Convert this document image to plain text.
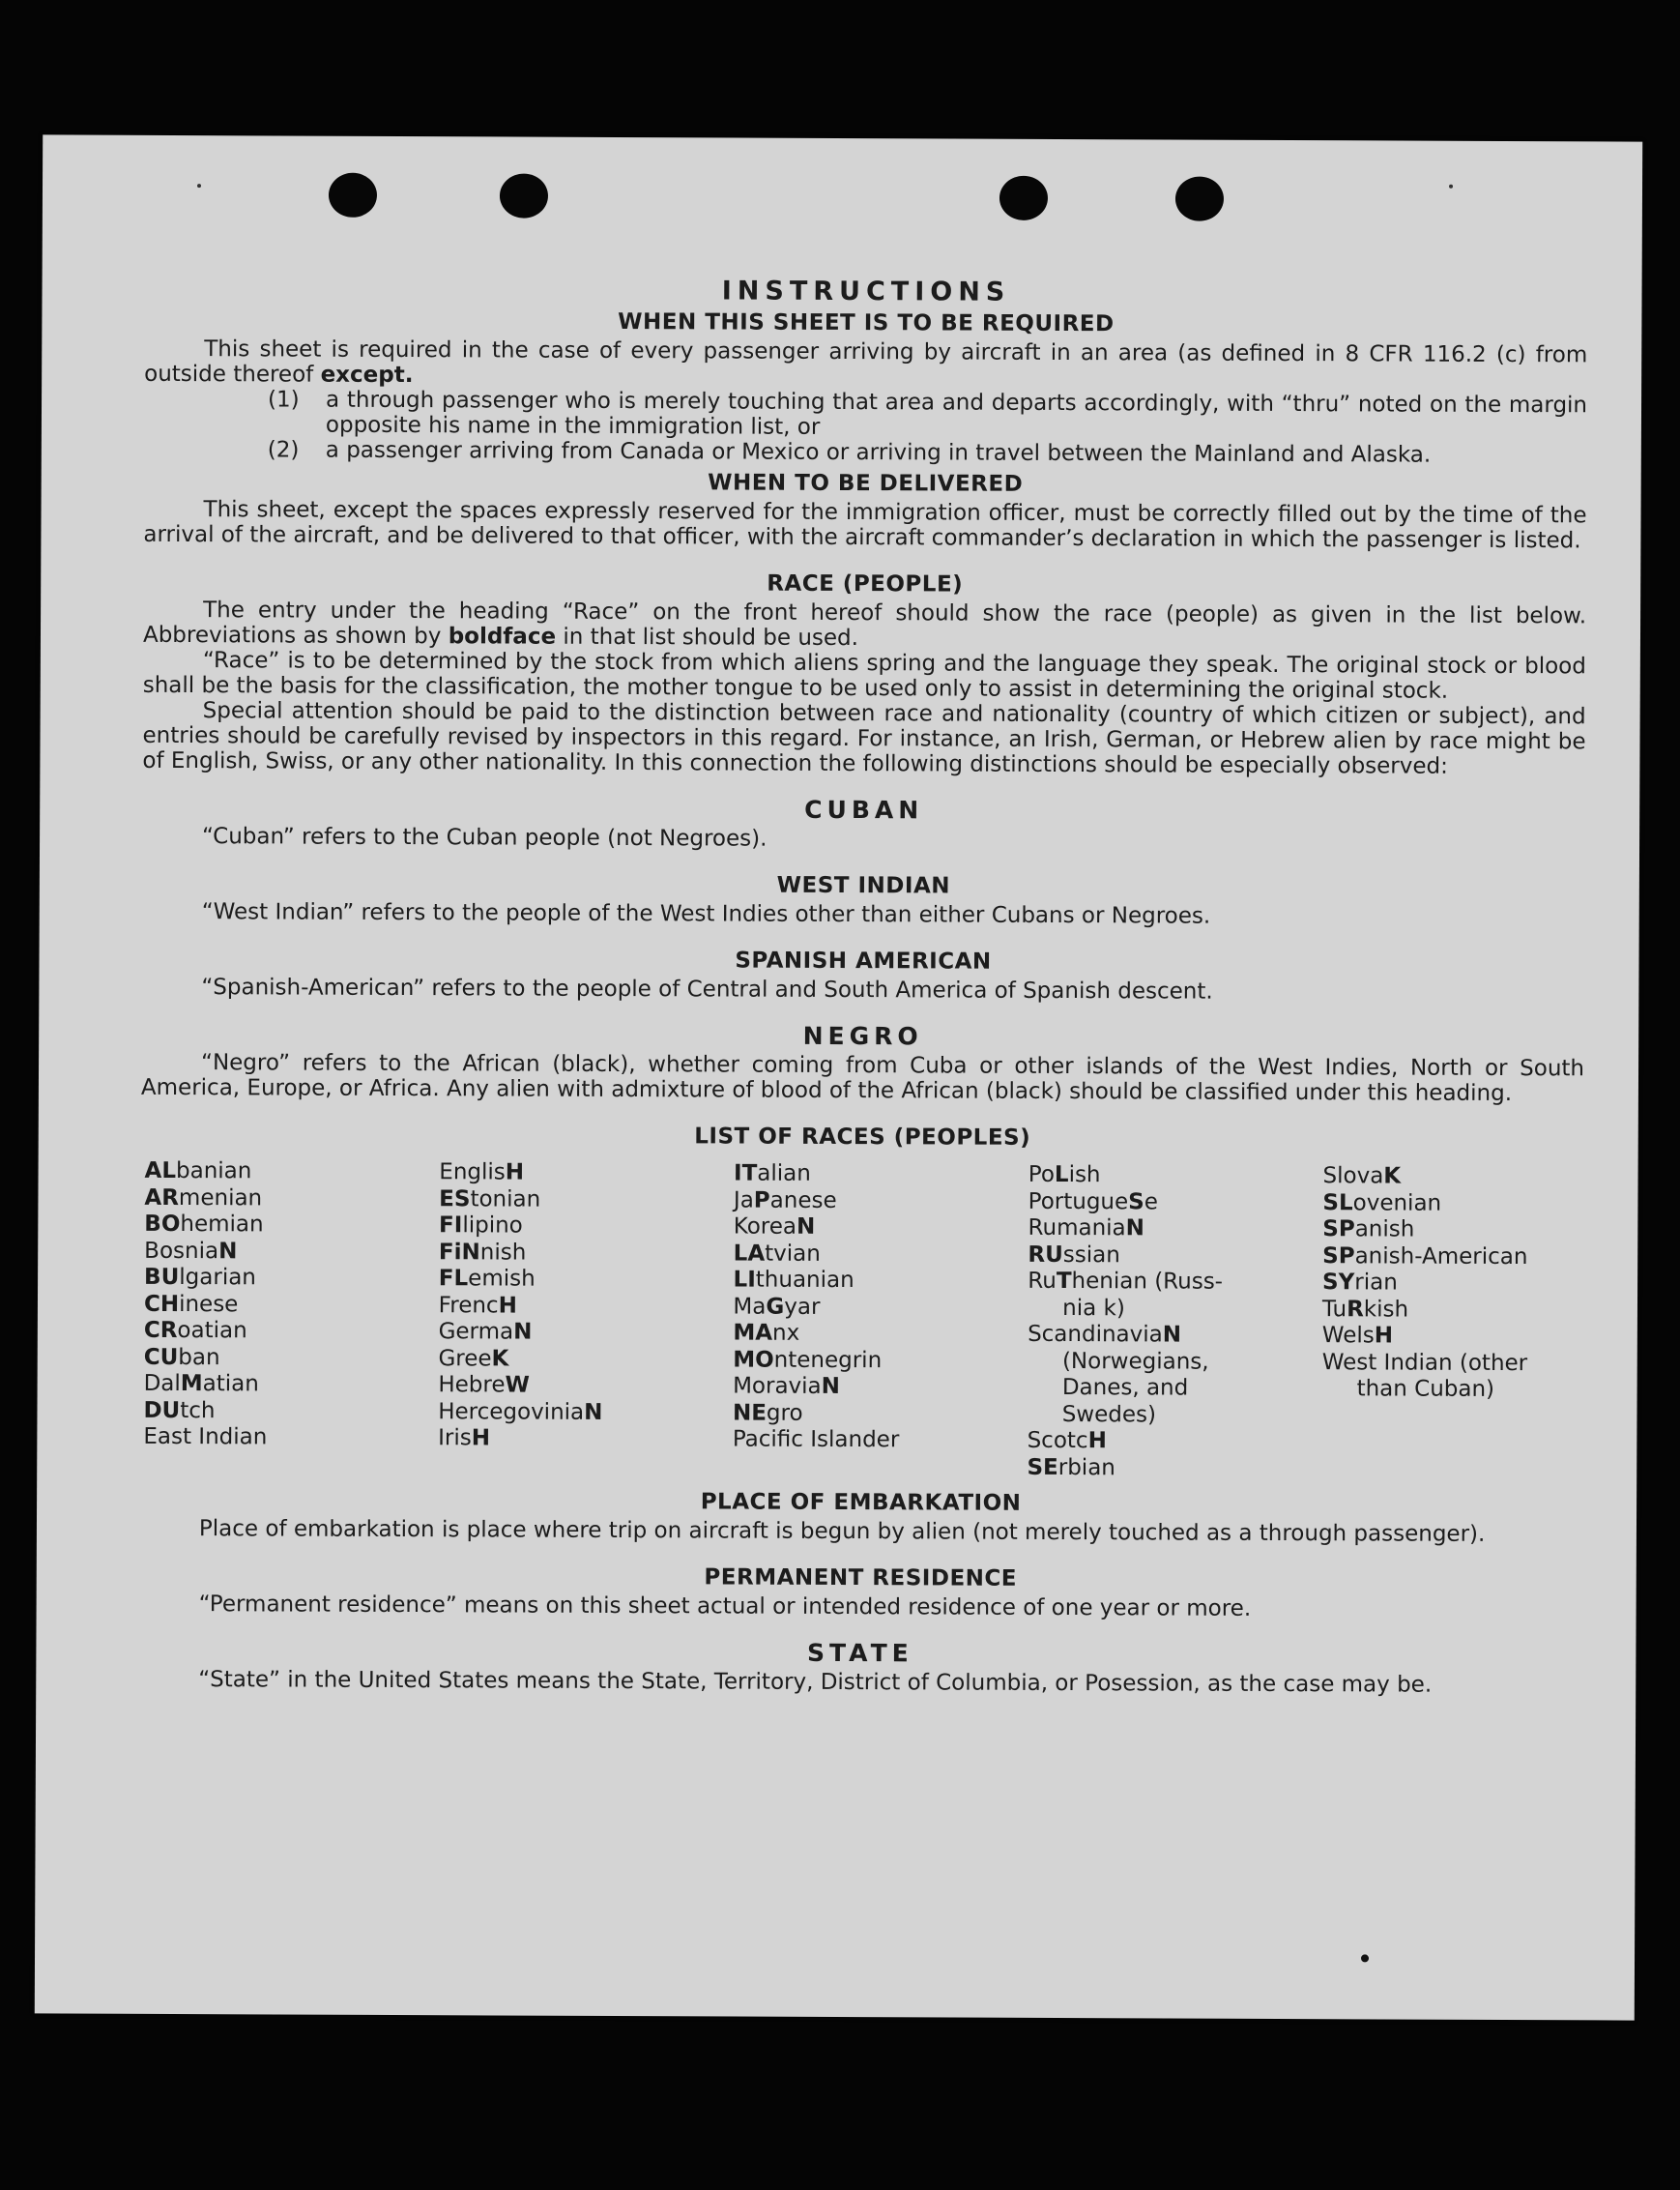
INSTRUCTIONS
WHEN THIS SHEET IS TO BE REQUIRED

This sheet is required in the case of every passenger arriving by aircraft in an area (as defined in 8 CFR 116.2 (c) from outside thereof except.

(1)	a through passenger who is merely touching that area and departs accordingly, with “thru” noted on the margin opposite his name in the immigration list, or
(2)	a passenger arriving from Canada or Mexico or arriving in travel between the Mainland and Alaska.
WHEN TO BE DELIVERED

This sheet, except the spaces expressly reserved for the immigration officer, must be correctly filled out by the time of the arrival of the aircraft, and be delivered to that officer, with the aircraft commander’s declaration in which the passenger is listed.

RACE (PEOPLE)

The entry under the heading “Race” on the front hereof should show the race (people) as given in the list below. Abbreviations as shown by boldface in that list should be used.

“Race” is to be determined by the stock from which aliens spring and the language they speak. The original stock or blood shall be the basis for the classification, the mother tongue to be used only to assist in determining the original stock.

Special attention should be paid to the distinction between race and nationality (country of which citizen or subject), and entries should be carefully revised by inspectors in this regard. For instance, an Irish, German, or Hebrew alien by race might be of English, Swiss, or any other nationality. In this connection the following distinctions should be especially observed:

CUBAN

“Cuban” refers to the Cuban people (not Negroes).

WEST INDIAN

“West Indian” refers to the people of the West Indies other than either Cubans or Negroes.

SPANISH AMERICAN

“Spanish-American” refers to the people of Central and South America of Spanish descent.

NEGRO

“Negro” refers to the African (black), whether coming from Cuba or other islands of the West Indies, North or South America, Europe, or Africa. Any alien with admixture of blood of the African (black) should be classified under this heading.

LIST OF RACES (PEOPLES)
ALbanian
ARmenian
BOhemian
BosniaN
BUlgarian
CHinese
CRoatian
CUban
DalMatian
DUtch
East Indian
EnglisH
EStonian
FIlipino
FiNnish
FLemish
FrencH
GermaN
GreeK
HebreW
HercegoviniaN
IrisH
ITalian
JaPanese
KoreaN
LAtvian
LIthuanian
MaGyar
MAnx
MOntenegrin
MoraviaN
NEgro
Pacific Islander
PoLish
PortugueSe
RumaniaN
RUssian
RuThenian (Russ-
nia k)
ScandinaviaN
(Norwegians,
Danes, and
Swedes)
ScotcH
SErbian
SlovaK
SLovenian
SPanish
SPanish-American
SYrian
TuRkish
WelsH
West Indian (other
than Cuban)
PLACE OF EMBARKATION

Place of embarkation is place where trip on aircraft is begun by alien (not merely touched as a through passenger).

PERMANENT RESIDENCE

“Permanent residence” means on this sheet actual or intended residence of one year or more.

STATE

“State” in the United States means the State, Territory, District of Columbia, or Posession, as the case may be.
